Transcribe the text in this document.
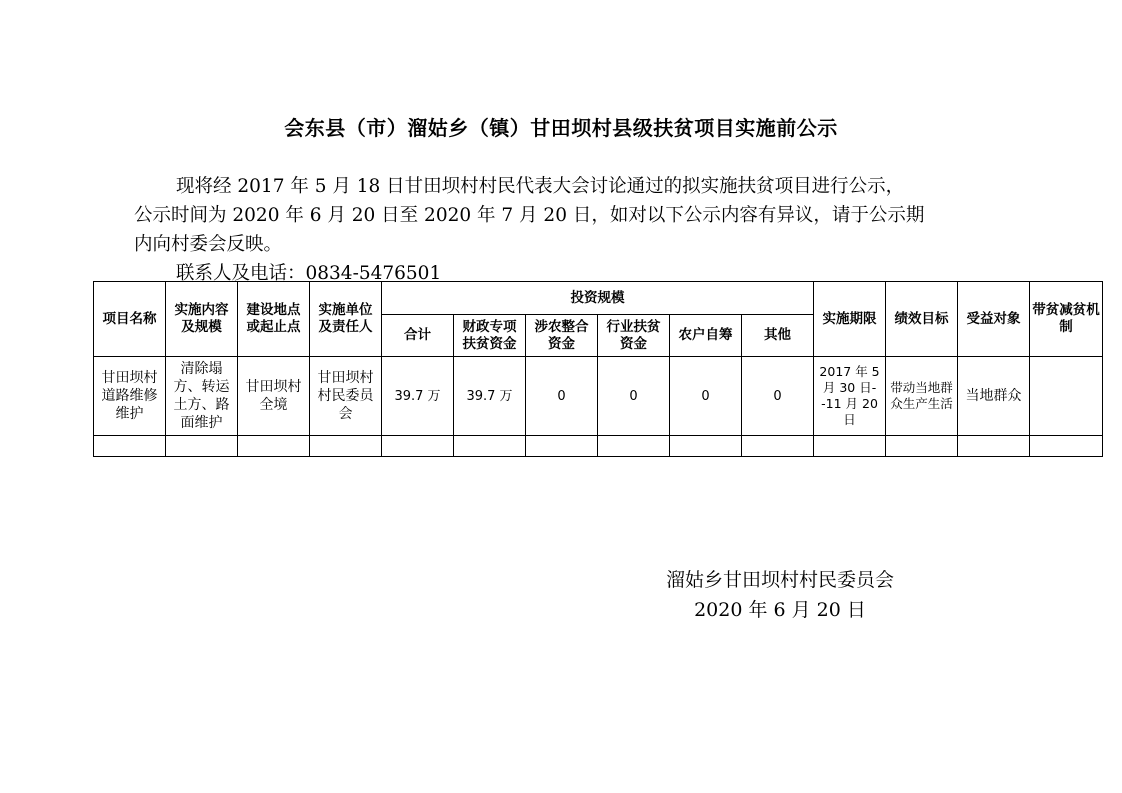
会东县（市）溜姑乡（镇）甘田坝村县级扶贫项目实施前公示

现将经 2017 年 5 月 18 日甘田坝村村民代表大会讨论通过的拟实施扶贫项目进行公示，

公示时间为 2020 年 6 月 20 日至 2020 年 7 月 20 日，如对以下公示内容有异议，请于公示期

内向村委会反映。

联系人及电话：0834-5476501

项目名称	实施内容及规模	建设地点或起止点	实施单位及责任人	投资规模						实施期限	绩效目标	受益对象	带贫减贫机制
				合计	财政专项扶贫资金	涉农整合资金	行业扶贫资金	农户自筹	其他				
甘田坝村道路维修维护	清除塌方、转运土方、路面维护	甘田坝村全境	甘田坝村村民委员会	39.7 万	39.7 万	0	0	0	0	2017 年 5 月 30 日--11 月 20 日	带动当地群众生产生活	当地群众	

溜姑乡甘田坝村村民委员会
2020 年 6 月 20 日
